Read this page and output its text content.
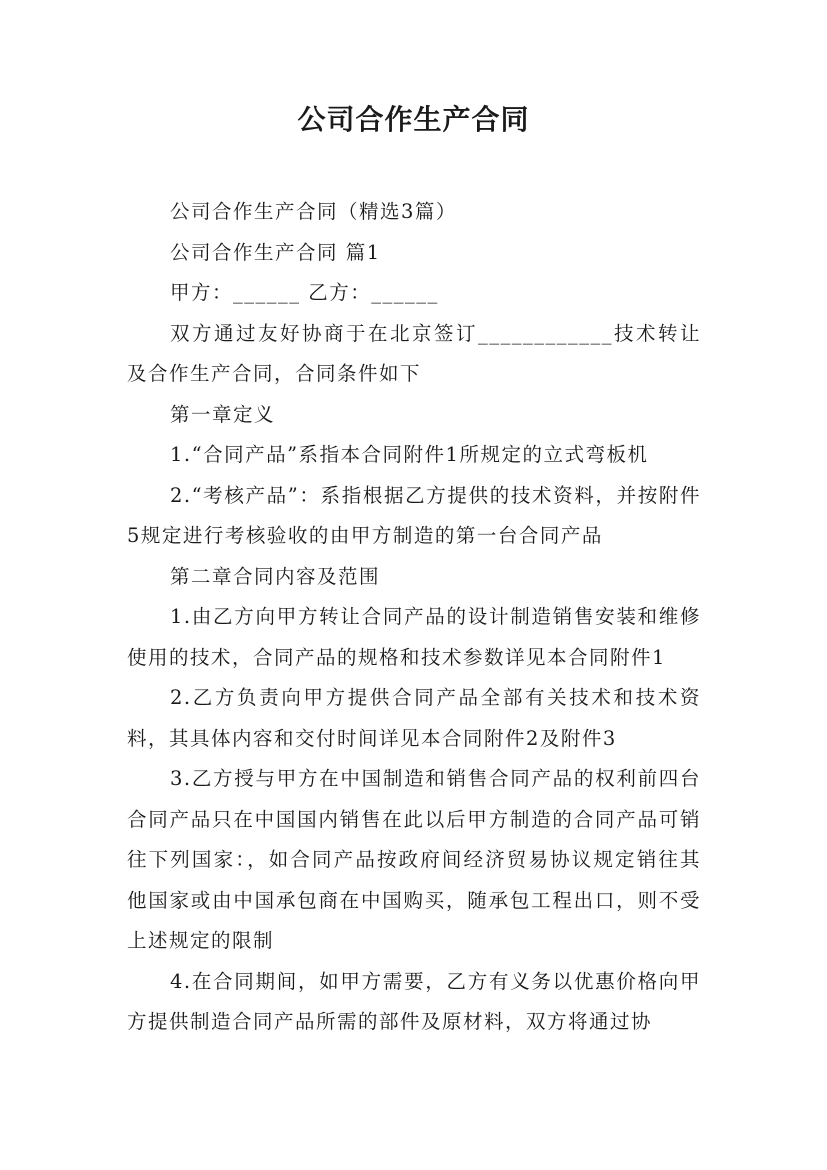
公司合作生产合同

公司合作生产合同（精选3篇）

公司合作生产合同 篇1

甲方：______ 乙方：______

双方通过友好协商于在北京签订____________技术转让及合作生产合同，合同条件如下

第一章定义

1.“合同产品”系指本合同附件1所规定的立式弯板机

2.“考核产品”：系指根据乙方提供的技术资料，并按附件5规定进行考核验收的由甲方制造的第一台合同产品

第二章合同内容及范围

1.由乙方向甲方转让合同产品的设计制造销售安装和维修使用的技术，合同产品的规格和技术参数详见本合同附件1

2.乙方负责向甲方提供合同产品全部有关技术和技术资料，其具体内容和交付时间详见本合同附件2及附件3

3.乙方授与甲方在中国制造和销售合同产品的权利前四台合同产品只在中国国内销售在此以后甲方制造的合同产品可销往下列国家：，如合同产品按政府间经济贸易协议规定销往其他国家或由中国承包商在中国购买，随承包工程出口，则不受上述规定的限制

4.在合同期间，如甲方需要，乙方有义务以优惠价格向甲方提供制造合同产品所需的部件及原材料，双方将通过协
